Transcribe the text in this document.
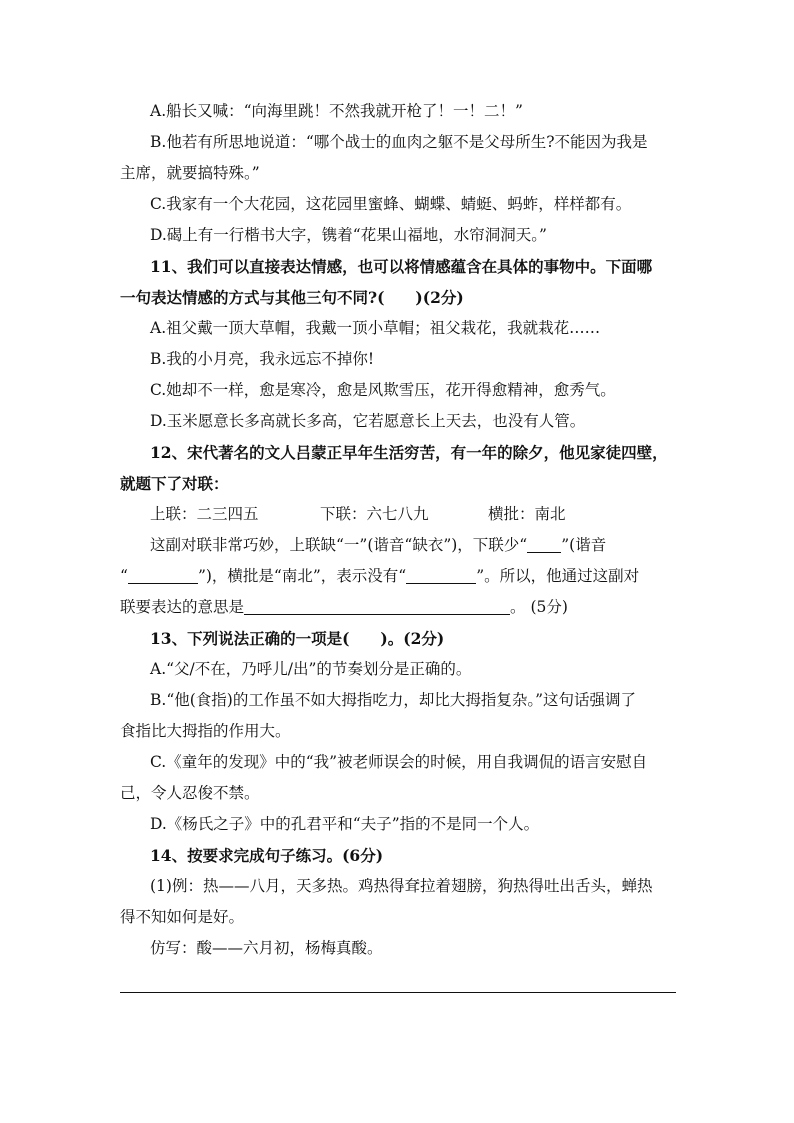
A.船长又喊：“向海里跳！不然我就开枪了！一！二！”
B.他若有所思地说道：“哪个战士的血肉之躯不是父母所生?不能因为我是
主席，就要搞特殊。”
C.我家有一个大花园，这花园里蜜蜂、蝴蝶、蜻蜓、蚂蚱，样样都有。
D.碣上有一行楷书大字，镌着“花果山福地，水帘洞洞天。”
11、我们可以直接表达情感，也可以将情感蕴含在具体的事物中。下面哪
一句表达情感的方式与其他三句不同?(　　)(2分)
A.祖父戴一顶大草帽，我戴一顶小草帽；祖父栽花，我就栽花……
B.我的小月亮，我永远忘不掉你!
C.她却不一样，愈是寒冷，愈是风欺雪压，花开得愈精神，愈秀气。
D.玉米愿意长多高就长多高，它若愿意长上天去，也没有人管。
12、宋代著名的文人吕蒙正早年生活穷苦，有一年的除夕，他见家徒四壁，
就题下了对联：
上联：二三四五	下联：六七八九	横批：南北
这副对联非常巧妙，上联缺“一”(谐音“缺衣”)，下联少“ ”(谐音
“	”)，横批是“南北”，表示没有“	”。所以，他通过这副对
联要表达的意思是	。 (5分)
13、下列说法正确的一项是(　　)。(2分)
A.“父/不在，乃呼儿/出”的节奏划分是正确的。
B.“他(食指)的工作虽不如大拇指吃力，却比大拇指复杂。”这句话强调了
食指比大拇指的作用大。
C.《童年的发现》中的“我”被老师误会的时候，用自我调侃的语言安慰自
己，令人忍俊不禁。
D.《杨氏之子》中的孔君平和“夫子”指的不是同一个人。
14、按要求完成句子练习。(6分)
(1)例：热——八月，天多热。鸡热得耷拉着翅膀，狗热得吐出舌头，蝉热
得不知如何是好。
仿写：酸——六月初，杨梅真酸。
